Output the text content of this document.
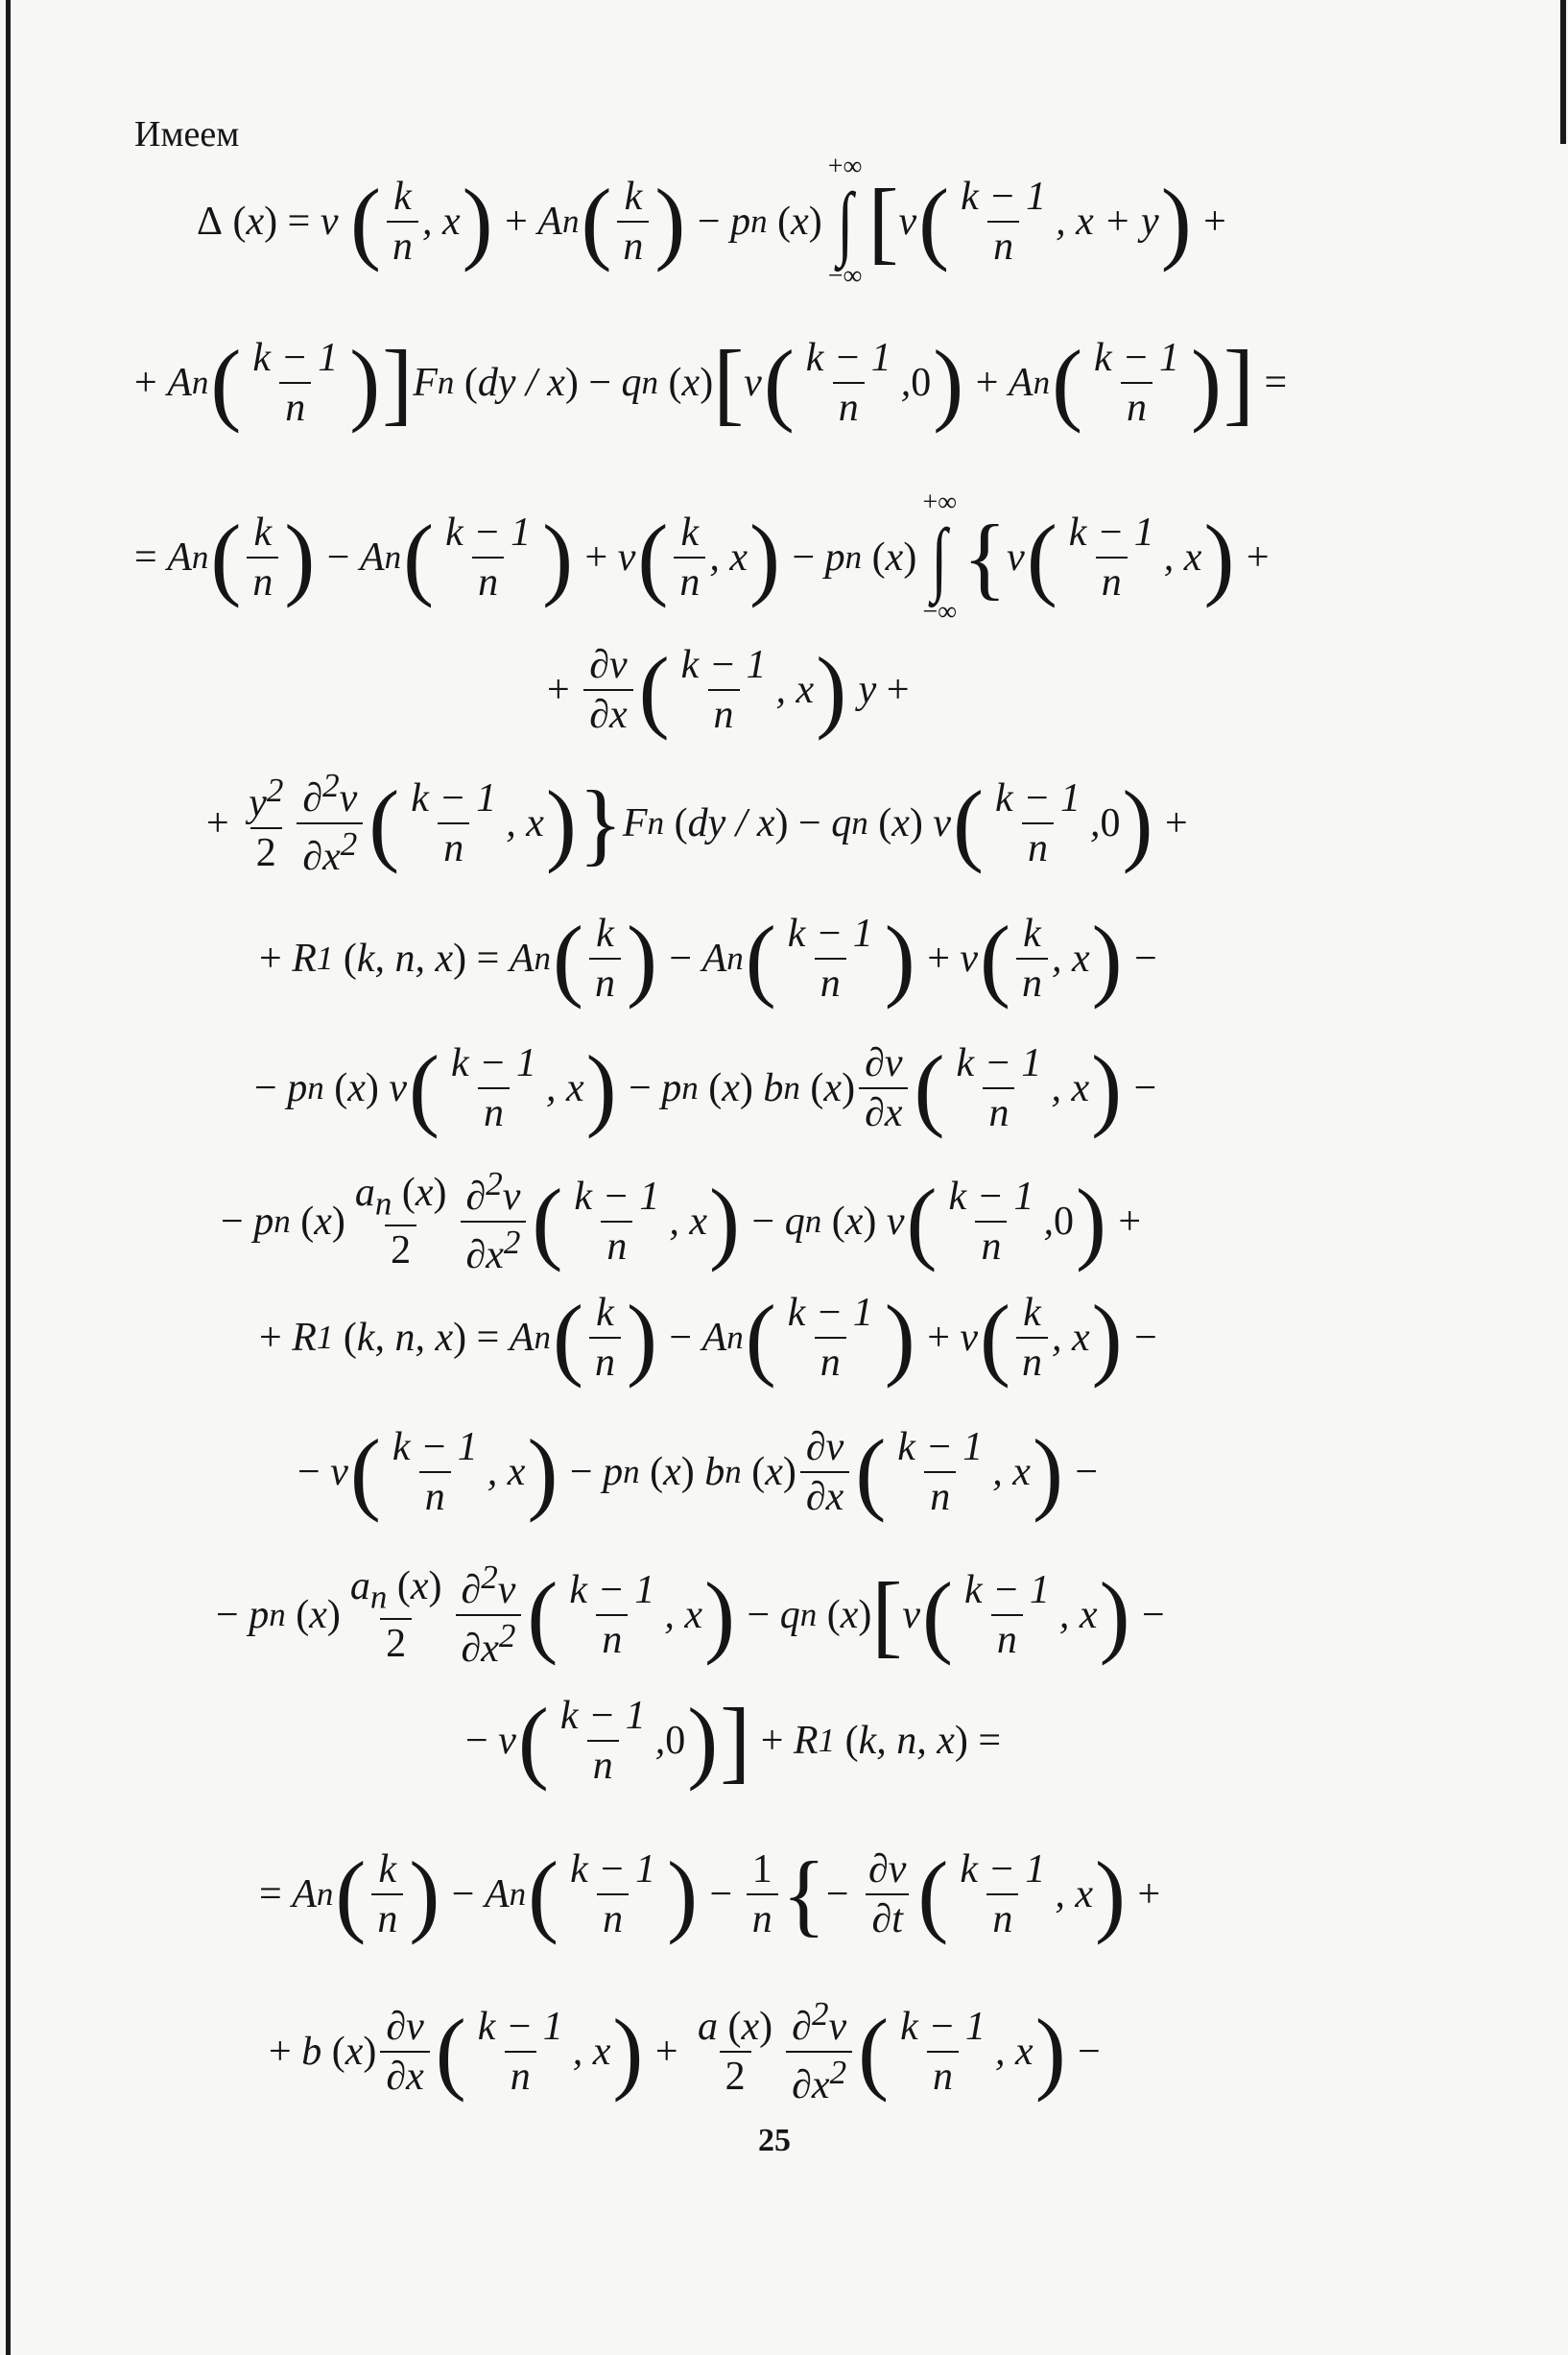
Имеем
Δ
( x ) = v ( $\frac{k}{n}$ , x ) + A n ( $\frac{k}{n}$ ) − p n
( x )
+∞
∫
−∞
[ v ( $\frac{k - 1}{n}$ , x + y ) +
+ A n ( $\frac{k - 1}{n}$ ) ] F n
( dy / x ) − q n
( x ) [ v ( $\frac{k - 1}{n}$ , 0 ) + A n ( $\frac{k - 1}{n}$ ) ] =
= A n ( $\frac{k}{n}$ ) − A n ( $\frac{k - 1}{n}$ ) + v ( $\frac{k}{n}$ , x ) − p n
( x )
+∞
∫
−∞
{ v ( $\frac{k - 1}{n}$ , x ) +
+ $\frac{\partial v}{\partial x}$ ( $\frac{k - 1}{n}$ , x ) y +
+ $\frac{y^2}{2} \frac{\partial^2v}{\partial x^2}$ ( $\frac{k - 1}{n}$ , x ) } F n
( dy / x ) − q n
( x ) v ( $\frac{k - 1}{n}$ , 0 ) +
+ R 1
( k, n, x ) = A n ( $\frac{k}{n}$ ) − A n ( $\frac{k - 1}{n}$ ) + v ( $\frac{k}{n}$ , x ) −
− p n
( x ) v ( $\frac{k - 1}{n}$ , x ) − p n
( x ) b n
( x ) $\frac{\partial v}{\partial x}$ ( $\frac{k - 1}{n}$ , x ) −
− p n
( x ) $\frac{a_n (x)}{2} \frac{\partial^2v}{\partial x^2}$ ( $\frac{k - 1}{n}$ , x ) − q n
( x ) v ( $\frac{k - 1}{n}$ , 0 ) +
+ R 1
( k, n, x ) = A n ( $\frac{k}{n}$ ) − A n ( $\frac{k - 1}{n}$ ) + v ( $\frac{k}{n}$ , x ) −
− v ( $\frac{k - 1}{n}$ , x ) − p n
( x ) b n
( x ) $\frac{\partial v}{\partial x}$ ( $\frac{k - 1}{n}$ , x ) −
− p n
( x ) $\frac{a_n (x)}{2} \frac{\partial^2v}{\partial x^2}$ ( $\frac{k - 1}{n}$ , x ) − q n
( x ) [ v ( $\frac{k - 1}{n}$ , x ) −
− v ( $\frac{k - 1}{n}$ , 0 ) ] + R 1
( k, n, x ) =
= A n ( $\frac{k}{n}$ ) − A n ( $\frac{k - 1}{n}$ ) − $\frac{1}{n}$ { − $\frac{\partial v}{\partial t}$ ( $\frac{k - 1}{n}$ , x ) +
+ b ( x ) $\frac{\partial v}{\partial x}$ ( $\frac{k - 1}{n}$ , x ) + $\frac{a (x)}{2} \frac{\partial^2v}{\partial x^2}$ ( $\frac{k - 1}{n}$ , x ) −
25
